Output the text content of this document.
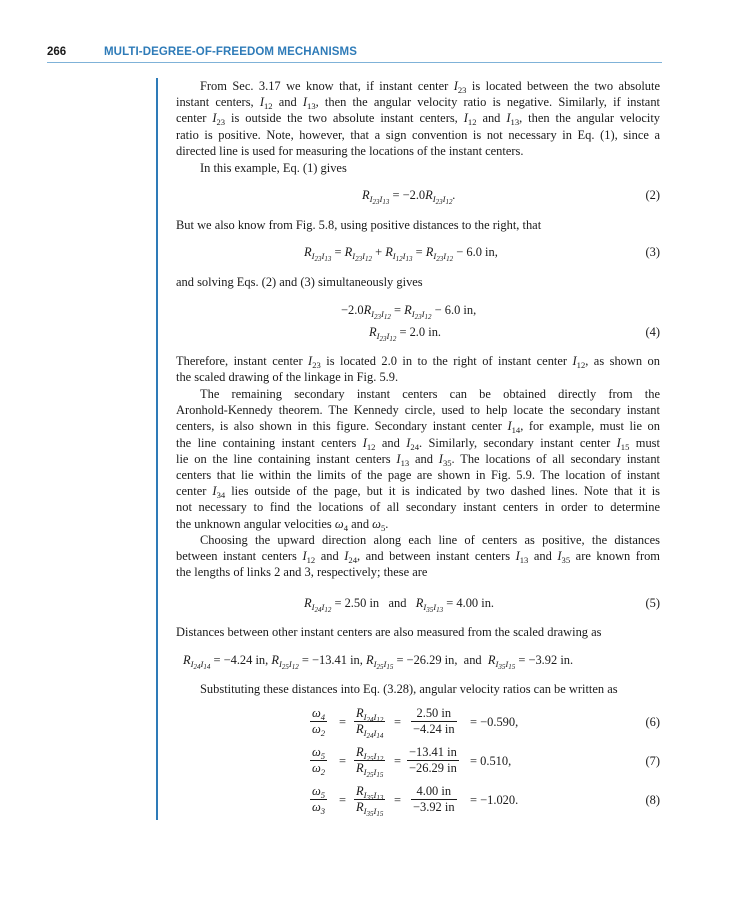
266	MULTI-DEGREE-OF-FREEDOM MECHANISMS

From Sec. 3.17 we know that, if instant center $I_{23}$ is located between the two absolute
instant centers, $I_{12}$ and $I_{13}$, then the angular velocity ratio is negative. Similarly, if instant
center $I_{23}$ is outside the two absolute instant centers, $I_{12}$ and $I_{13}$, then the angular velocity
ratio is positive. Note, however, that a sign convention is not necessary in Eq. (1), since a
directed line is used for measuring the locations of the instant centers.

In this example, Eq. (1) gives

$R_{I_{23}I_{13}} = -2.0R_{I_{23}I_{12}}$.	(2)

But we also know from Fig. 5.8, using positive distances to the right, that

$R_{I_{23}I_{13}} = R_{I_{23}I_{12}} + R_{I_{12}I_{13}} = R_{I_{23}I_{12}} - 6.0$ in,	(3)

and solving Eqs. (2) and (3) simultaneously gives

$-2.0R_{I_{23}I_{12}} = R_{I_{23}I_{12}} - 6.0$ in,
$R_{I_{23}I_{12}} = 2.0$ in.	(4)

Therefore, instant center $I_{23}$ is located 2.0 in to the right of instant center $I_{12}$, as shown on
the scaled drawing of the linkage in Fig. 5.9.

The remaining secondary instant centers can be obtained directly from the
Aronhold-Kennedy theorem. The Kennedy circle, used to help locate the secondary instant
centers, is also shown in this figure. Secondary instant center $I_{14}$, for example, must lie on
the line containing instant centers $I_{12}$ and $I_{24}$. Similarly, secondary instant center $I_{15}$ must
lie on the line containing instant centers $I_{13}$ and $I_{35}$. The locations of all secondary instant
centers that lie within the limits of the page are shown in Fig. 5.9. The location of instant
center $I_{34}$ lies outside of the page, but it is indicated by two dashed lines. Note that it is
not necessary to find the locations of all secondary instant centers in order to determine
the unknown angular velocities $\omega_4$ and $\omega_5$.

Choosing the upward direction along each line of centers as positive, the distances
between instant centers $I_{12}$ and $I_{24}$, and between instant centers $I_{13}$ and $I_{35}$ are known from
the lengths of links 2 and 3, respectively; these are

$R_{I_{24}I_{12}} = 2.50$ in and $R_{I_{35}I_{13}} = 4.00$ in.	(5)

Distances between other instant centers are also measured from the scaled drawing as

$R_{I_{24}I_{14}} = -4.24$ in, $R_{I_{25}I_{12}} = -13.41$ in, $R_{I_{25}I_{15}} = -26.29$ in, and $R_{I_{35}I_{15}} = -3.92$ in.

Substituting these distances into Eq. (3.28), angular velocity ratios can be written as

$\frac{\omega_4}{\omega_2} = \frac{R_{I_{24}I_{12}}}{R_{I_{24}I_{14}}} = \frac{2.50 in}{-4.24 in} = -0.590$,	(6)
$\frac{\omega_5}{\omega_2} = \frac{R_{I_{25}I_{12}}}{R_{I_{25}I_{15}}} = \frac{-13.41 in}{-26.29 in} = 0.510$,	(7)
$\frac{\omega_5}{\omega_3} = \frac{R_{I_{35}I_{13}}}{R_{I_{35}I_{15}}} = \frac{4.00 in}{-3.92 in} = -1.020$.	(8)
